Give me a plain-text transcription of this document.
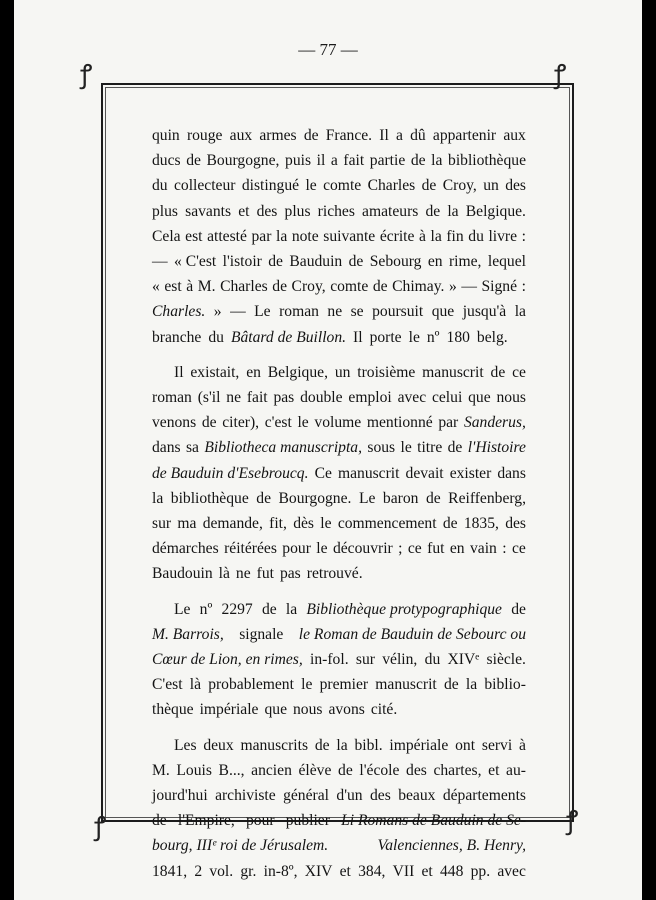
— 77 —
ꝭ	ꝭ
ꝭ	ꝭ
quin rouge aux armes de France. Il a dû appartenir aux
ducs de Bourgogne, puis il a fait partie de la bibliothèque
du collecteur distingué le comte Charles de Croy, un des
plus savants et des plus riches amateurs de la Belgique.
Cela est attesté par la note suivante écrite à la fin du livre :
— « C'est l'istoir de Bauduin de Sebourg en rime, lequel
« est à M. Charles de Croy, comte de Chimay. » — Signé :
Charles. » — Le roman ne se poursuit que jusqu'à la
branche du Bâtard de Buillon. Il porte le nº 180 belg.
Il existait, en Belgique, un troisième manuscrit de ce
roman (s'il ne fait pas double emploi avec celui que nous
venons de citer), c'est le volume mentionné par Sanderus,
dans sa Bibliotheca manuscripta, sous le titre de l'Histoire
de Bauduin d'Esebroucq. Ce manuscrit devait exister dans
la bibliothèque de Bourgogne. Le baron de Reiffenberg,
sur ma demande, fit, dès le commencement de 1835, des
démarches réitérées pour le découvrir ; ce fut en vain : ce
Baudouin là ne fut pas retrouvé.
Le nº 2297 de la Bibliothèque protypographique de
M. Barrois, signale le Roman de Bauduin de Sebourc ou
Cœur de Lion, en rimes, in-fol. sur vélin, du XIVᵉ siècle.
C'est là probablement le premier manuscrit de la biblio-
thèque impériale que nous avons cité.
Les deux manuscrits de la bibl. impériale ont servi à
M. Louis B..., ancien élève de l'école des chartes, et au-
jourd'hui archiviste général d'un des beaux départements
de l'Empire, pour publier Li Romans de Bauduin de Se-
bourg, IIIᵉ roi de Jérusalem.	Valenciennes, B. Henry,
1841, 2 vol. gr. in-8º, XIV et 384, VII et 448 pp. avec
